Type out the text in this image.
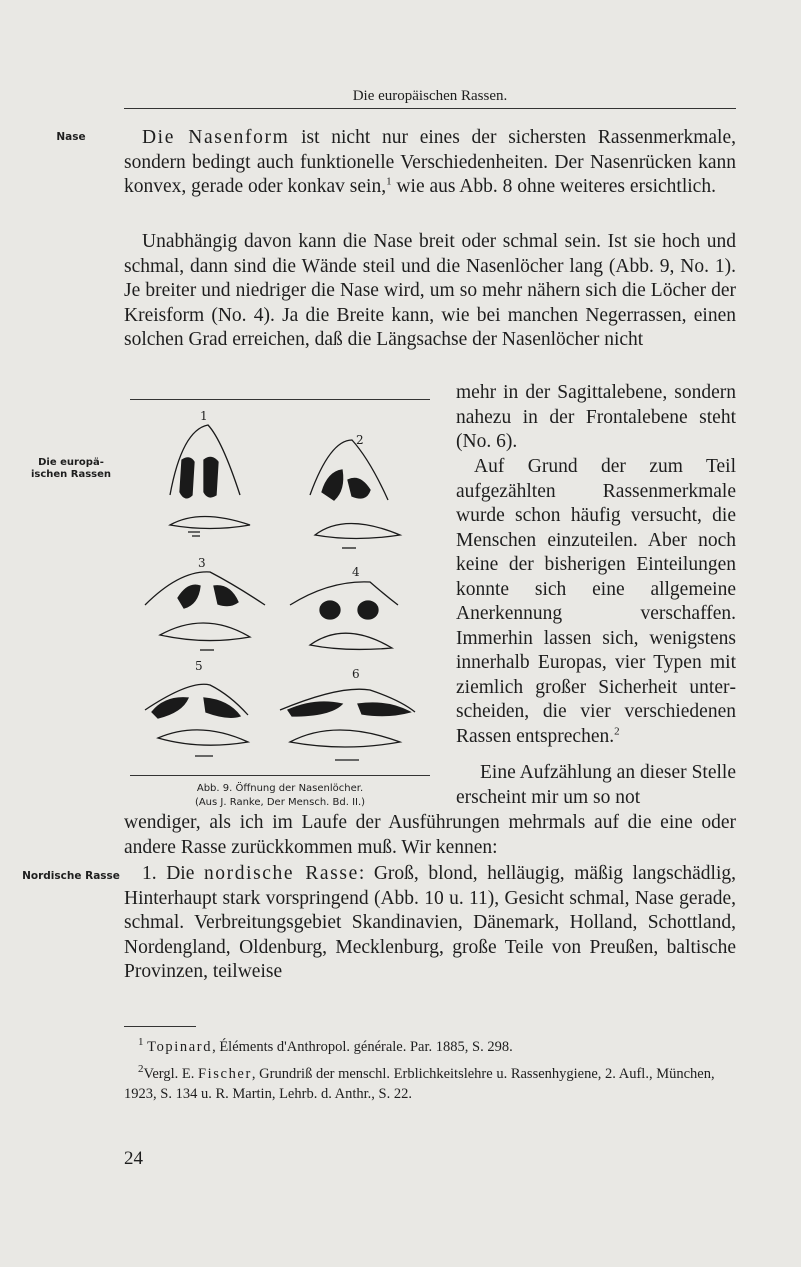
Die europäischen Rassen.
Nase
Die europä- ischen Rassen
Nordische Rasse

Die Nasenform ist nicht nur eines der sichersten Rassenmerkmale, sondern bedingt auch funktionelle Verschiedenheiten. Der Nasenrücken kann konvex, gerade oder konkav sein,$^1$ wie aus Abb. 8 ohne weiteres ersichtlich.

Unabhängig davon kann die Nase breit oder schmal sein. Ist sie hoch und schmal, dann sind die Wände steil und die Nasenlöcher lang (Abb. 9, No. 1). Je breiter und niedriger die Nase wird, um so mehr nähern sich die Löcher der Kreisform (No. 4). Ja die Breite kann, wie bei manchen Negerrassen, einen solchen Grad erreichen, daß die Längsachse der Nasenlöcher nicht

mehr in der Sagittalebene, sondern nahezu in der Frontalebene steht (No. 6).

Auf Grund der zum Teil aufgezählten Rassenmerkmale wurde schon häufig versucht, die Menschen einzuteilen. Aber noch keine der bisherigen Einteilungen konnte sich eine allgemeine Anerkennung verschaffen. Immerhin lassen sich, wenigstens innerhalb Europas, vier Typen mit ziemlich großer Sicherheit unterscheiden, die vier verschiedenen Rassen entsprechen.$^2$

Eine Aufzählung an dieser Stelle erscheint mir um so not

wendiger, als ich im Laufe der Ausführungen mehrmals auf die eine oder andere Rasse zurückkommen muß. Wir kennen:

1. Die nordische Rasse: Groß, blond, helläugig, mäßig langschädlig, Hinterhaupt stark vorspringend (Abb. 10 u. 11), Gesicht schmal, Nase gerade, schmal. Verbreitungsgebiet Skandinavien, Dänemark, Holland, Schottland, Nordengland, Oldenburg, Mecklenburg, große Teile von Preußen, baltische Provinzen, teilweise

1
2
3
4
5
6
Abb. 9. Öffnung der Nasenlöcher.
(Aus J. Ranke, Der Mensch. Bd. II.)

$^1$ Topinard, Éléments d'Anthropol. générale. Par. 1885, S. 298.

$^2$Vergl. E. Fischer, Grundriß der menschl. Erblichkeitslehre u. Rassenhygiene, 2. Aufl., München, 1923, S. 134 u. R. Martin, Lehrb. d. Anthr., S. 22.

24
